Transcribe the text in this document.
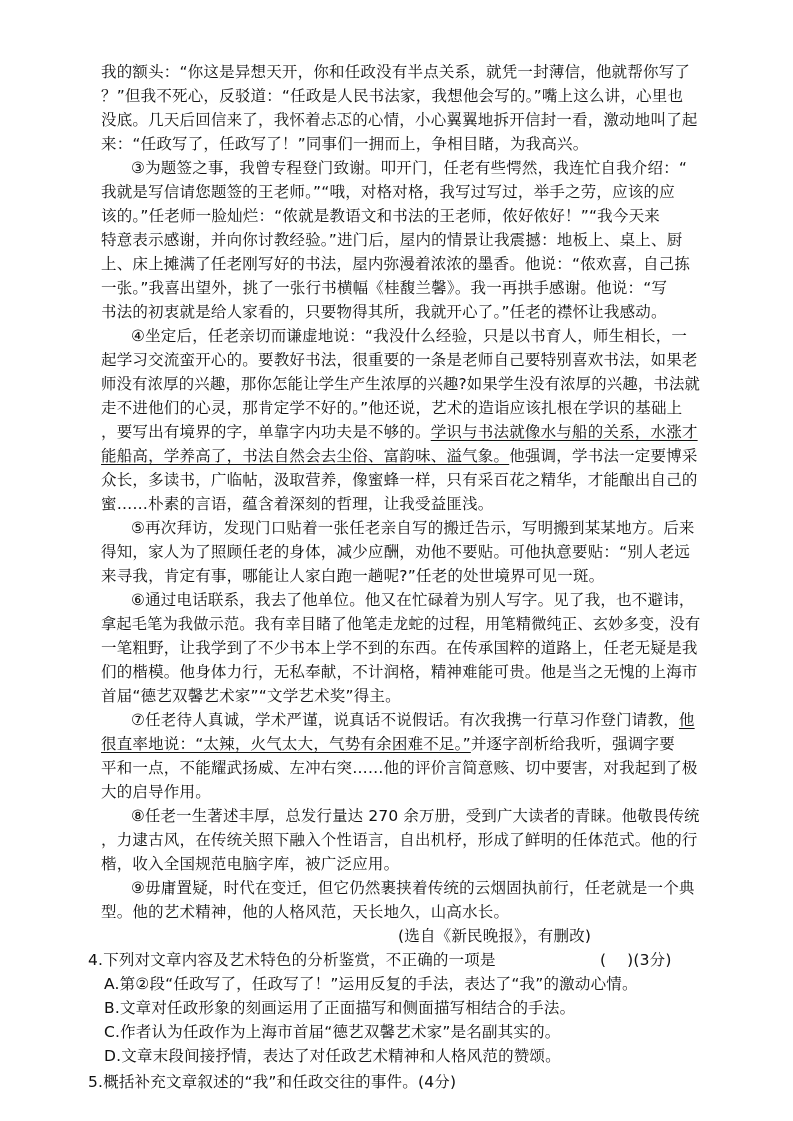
我的额头：“你这是异想天开，你和任政没有半点关系，就凭一封薄信，他就帮你写了
？”但我不死心，反驳道：“任政是人民书法家，我想他会写的。”嘴上这么讲，心里也
没底。几天后回信来了，我怀着忐忑的心情，小心翼翼地拆开信封一看，激动地叫了起
来：“任政写了，任政写了！”同事们一拥而上，争相目睹，为我高兴。
③为题签之事，我曾专程登门致谢。叩开门，任老有些愕然，我连忙自我介绍：“
我就是写信请您题签的王老师。”“哦，对格对格，我写过写过，举手之劳，应该的应
该的。”任老师一脸灿烂：“侬就是教语文和书法的王老师，侬好侬好！”“我今天来
特意表示感谢，并向你讨教经验。”进门后，屋内的情景让我震撼：地板上、桌上、厨
上、床上摊满了任老刚写好的书法，屋内弥漫着浓浓的墨香。他说：“侬欢喜，自己拣
一张。”我喜出望外，挑了一张行书横幅《桂馥兰馨》。我一再拱手感谢。他说：“写
书法的初衷就是给人家看的，只要物得其所，我就开心了。”任老的襟怀让我感动。
④坐定后，任老亲切而谦虚地说：“我没什么经验，只是以书育人，师生相长，一
起学习交流蛮开心的。要教好书法，很重要的一条是老师自己要特别喜欢书法，如果老
师没有浓厚的兴趣，那你怎能让学生产生浓厚的兴趣?如果学生没有浓厚的兴趣，书法就
走不进他们的心灵，那肯定学不好的。”他还说，艺术的造诣应该扎根在学识的基础上
，要写出有境界的字，单靠字内功夫是不够的。学识与书法就像水与船的关系，水涨才
能船高，学养高了，书法自然会去尘俗、富韵味、溢气象。他强调，学书法一定要博采
众长，多读书，广临帖，汲取营养，像蜜蜂一样，只有采百花之精华，才能酿出自己的
蜜……朴素的言语，蕴含着深刻的哲理，让我受益匪浅。
⑤再次拜访，发现门口贴着一张任老亲自写的搬迁告示，写明搬到某某地方。后来
得知，家人为了照顾任老的身体，减少应酬，劝他不要贴。可他执意要贴：“别人老远
来寻我，肯定有事，哪能让人家白跑一趟呢?”任老的处世境界可见一斑。
⑥通过电话联系，我去了他单位。他又在忙碌着为别人写字。见了我，也不避讳，
拿起毛笔为我做示范。我有幸目睹了他笔走龙蛇的过程，用笔精微纯正、玄妙多变，没有
一笔粗野，让我学到了不少书本上学不到的东西。在传承国粹的道路上，任老无疑是我
们的楷模。他身体力行，无私奉献，不计润格，精神难能可贵。他是当之无愧的上海市
首届“德艺双馨艺术家”“文学艺术奖”得主。
⑦任老待人真诚，学术严谨，说真话不说假话。有次我携一行草习作登门请教，他
很直率地说：“太辣，火气太大，气势有余困难不足。”并逐字剖析给我听，强调字要
平和一点，不能耀武扬威、左冲右突……他的评价言简意赅、切中要害，对我起到了极
大的启导作用。
⑧任老一生著述丰厚，总发行量达 270 余万册，受到广大读者的青睐。他敬畏传统
，力逮古风，在传统关照下融入个性语言，自出机杼，形成了鲜明的任体范式。他的行
楷，收入全国规范电脑字库，被广泛应用。
⑨毋庸置疑，时代在变迁，但它仍然裹挟着传统的云烟固执前行，任老就是一个典
型。他的艺术精神，他的人格风范，天长地久，山高水长。
(选自《新民晚报》，有删改)
4.下列对文章内容及艺术特色的分析鉴赏，不正确的一项是	(　 )(3分)
A.第②段“任政写了，任政写了！”运用反复的手法，表达了“我”的激动心情。
B.文章对任政形象的刻画运用了正面描写和侧面描写相结合的手法。
C.作者认为任政作为上海市首届“德艺双馨艺术家”是名副其实的。
D.文章末段间接抒情，表达了对任政艺术精神和人格风范的赞颂。
5.概括补充文章叙述的“我”和任政交往的事件。(4分)
